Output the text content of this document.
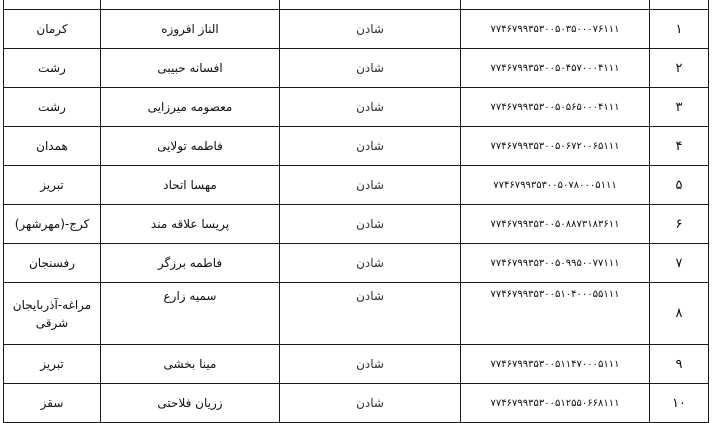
۱	۷۷۴۶۷۹۹۳۵۳۰۰۵۰۳۵۰۰۰۷۶۱۱۱	شادن	الناز افروزه	کرمان
۲	۷۷۴۶۷۹۹۳۵۳۰۰۵۰۴۵۷۰۰۰۴۱۱۱	شادن	افسانه حبیبی	رشت
۳	۷۷۴۶۷۹۹۳۵۳۰۰۵۰۵۶۵۰۰۰۴۱۱۱	شادن	معصومه میرزایی	رشت
۴	۷۷۴۶۷۹۹۳۵۳۰۰۵۰۶۷۲۰۰۶۵۱۱۱	شادن	فاطمه تولایی	همدان
۵	۷۷۴۶۷۹۹۳۵۳۰۰۵۰۷۸۰۰۰۵۱۱۱	شادن	مهسا اتحاد	تبریز
۶	۷۷۴۶۷۹۹۳۵۳۰۰۵۰۸۸۷۳۱۸۳۶۱۱	شادن	پریسا علاقه مند	کرج-(مهرشهر)
۷	۷۷۴۶۷۹۹۳۵۳۰۰۵۰۹۹۵۰۰۷۷۱۱۱	شادن	فاطمه برزگر	رفسنجان
۸	۷۷۴۶۷۹۹۳۵۳۰۰۵۱۰۴۰۰۰۵۵۱۱۱	شادن	سمیه زارع	مراغه-آذربایجان شرقی
۹	۷۷۴۶۷۹۹۳۵۳۰۰۵۱۱۴۷۰۰۰۵۱۱۱	شادن	مینا بخشی	تبریز
۱۰	۷۷۴۶۷۹۹۳۵۳۰۰۵۱۲۵۵۰۶۶۸۱۱۱	شادن	زریان فلاحتی	سقز
